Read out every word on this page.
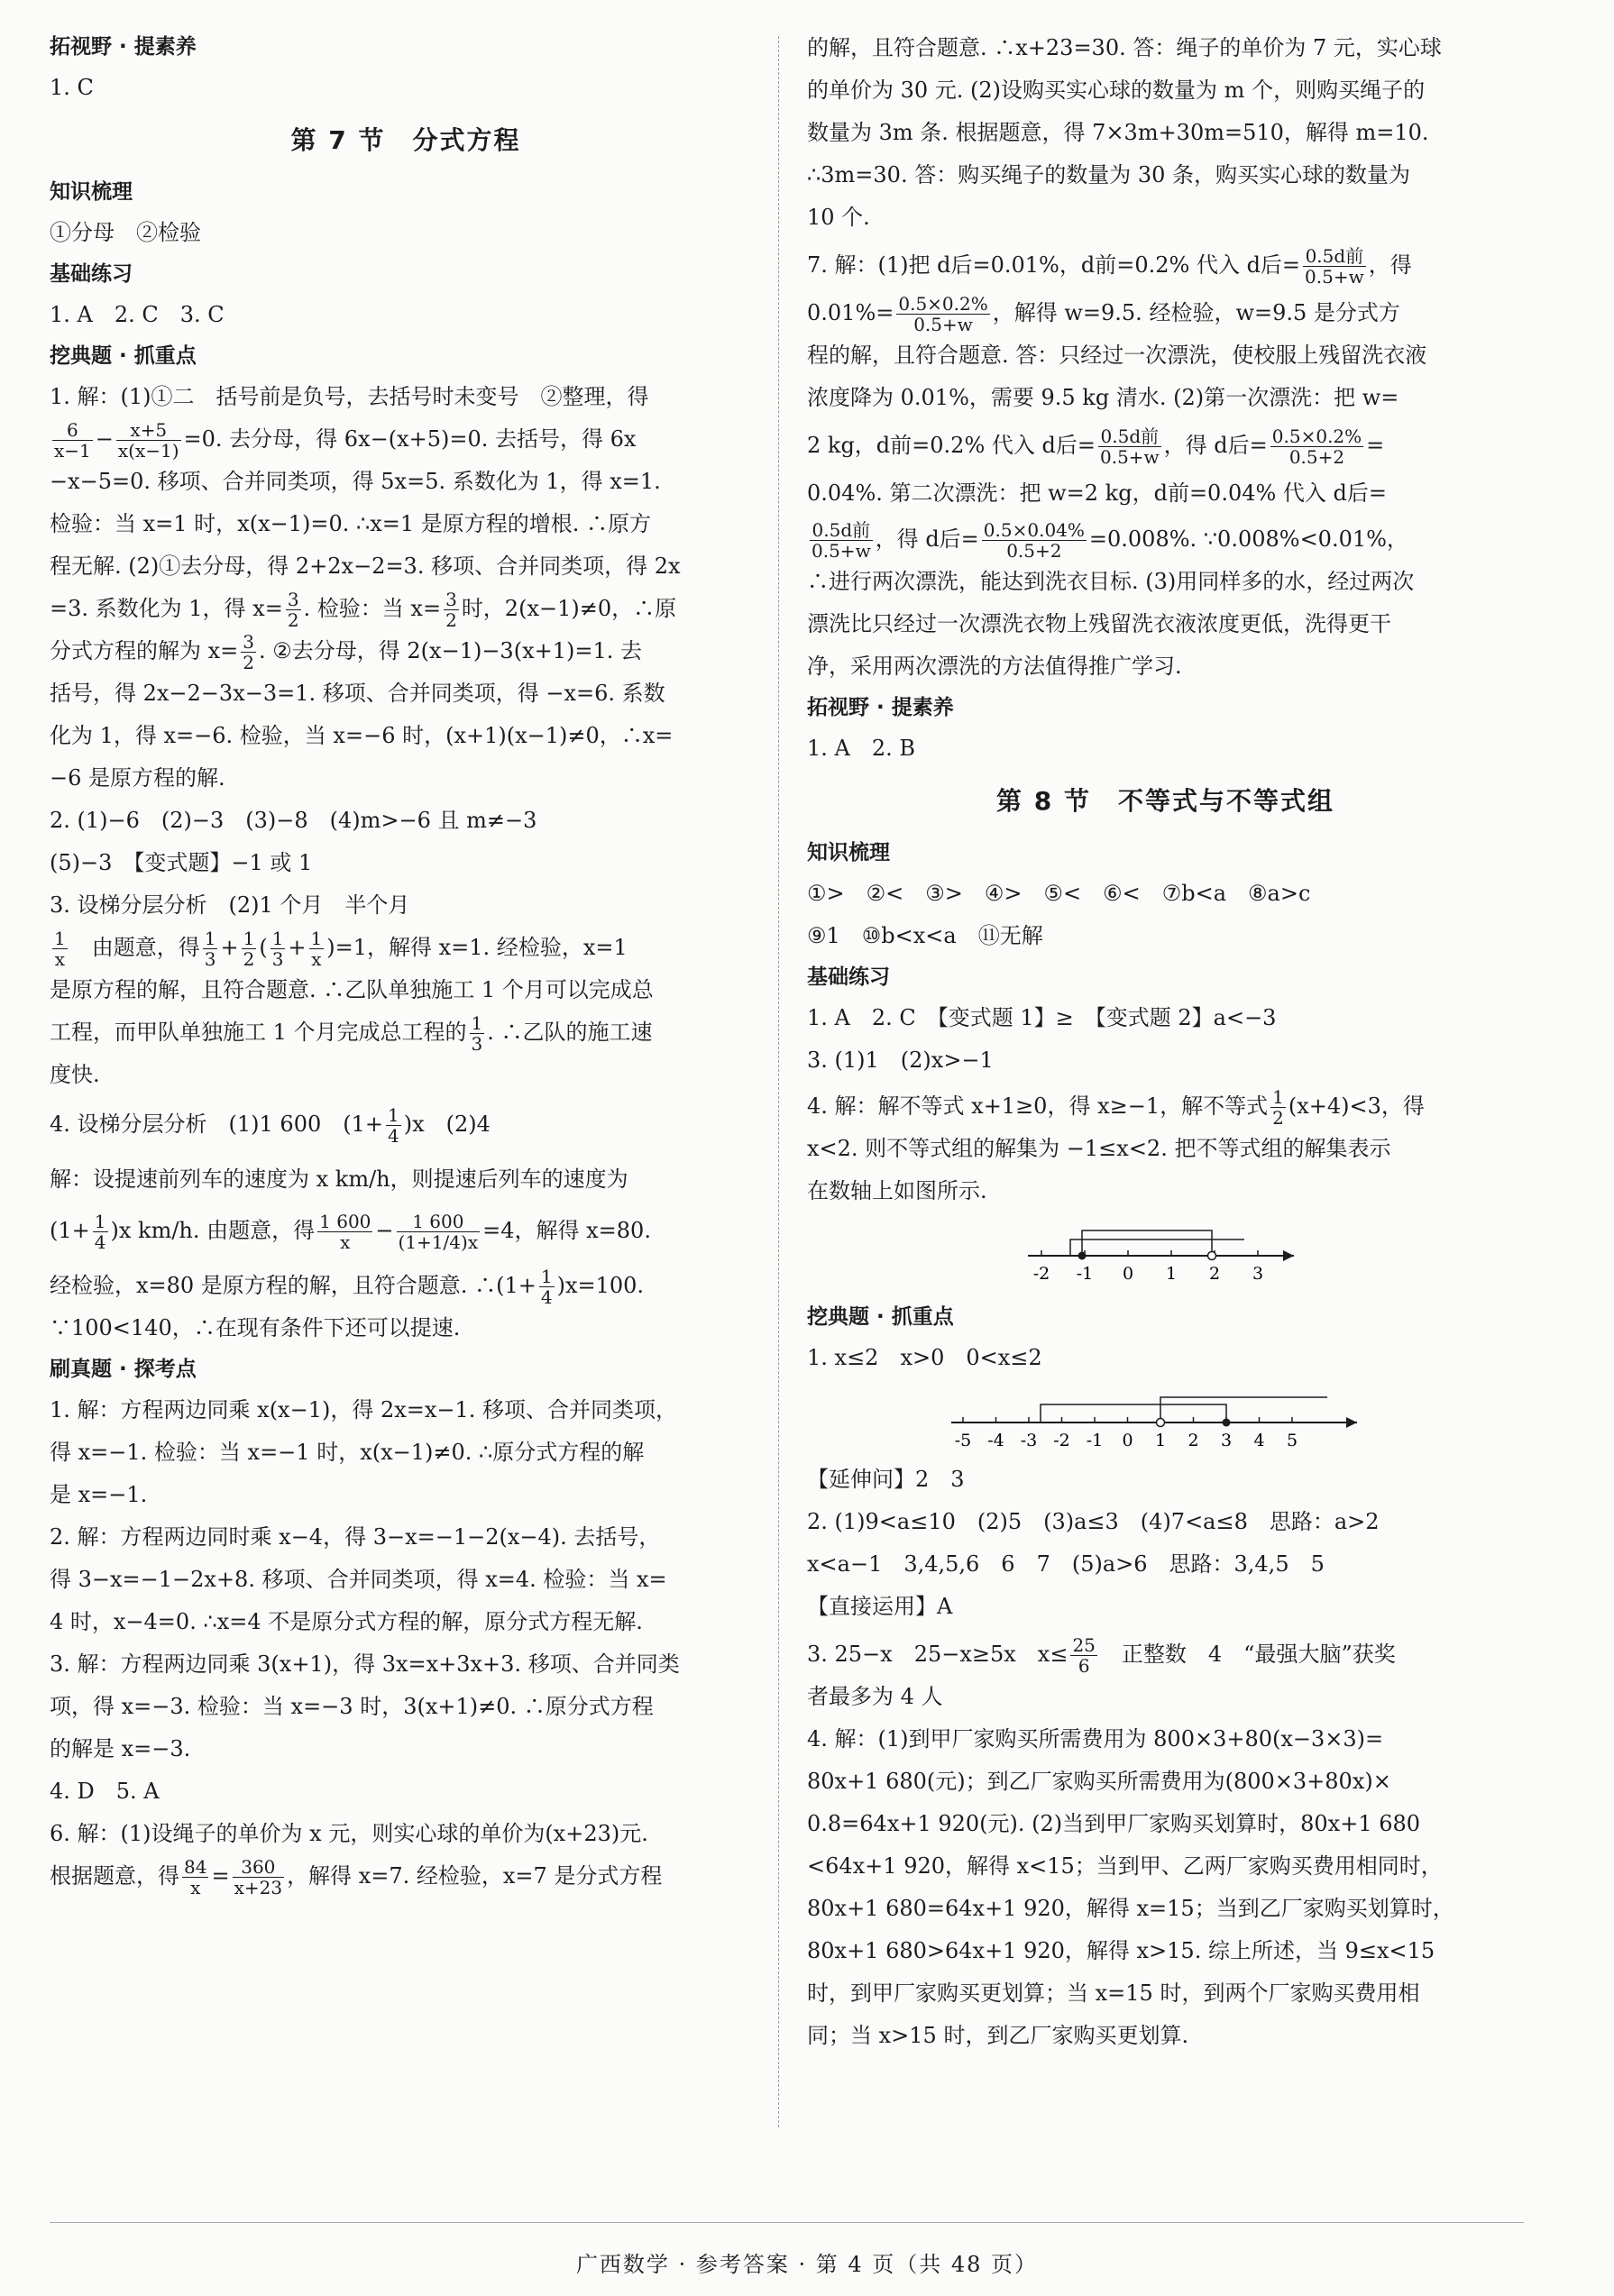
拓视野 · 提素养

1. C

第 7 节　分式方程

知识梳理

①分母　②检验

基础练习

1. A　2. C　3. C

挖典题 · 抓重点

1. 解：(1)①二　括号前是负号，去括号时未变号　②整理，得

$\frac{6}{x-1} - \frac{x+5}{x(x-1)} =0$. 去分母，得 6x−(x+5)=0. 去括号，得 6x

−x−5=0. 移项、合并同类项，得 5x=5. 系数化为 1，得 x=1.

检验：当 x=1 时，x(x−1)=0. ∴x=1 是原方程的增根. ∴原方

程无解. (2)①去分母，得 2+2x−2=3. 移项、合并同类项，得 2x

=3. 系数化为 1，得 $x= \frac{3}{2}$ . 检验：当 $x= \frac{3}{2}$ 时，2(x−1)≠0，∴原

分式方程的解为 $x= \frac{3}{2}$ . ②去分母，得 2(x−1)−3(x+1)=1. 去

括号，得 2x−2−3x−3=1. 移项、合并同类项，得 −x=6. 系数

化为 1，得 x=−6. 检验，当 x=−6 时，(x+1)(x−1)≠0，∴x=

−6 是原方程的解.

2. (1)−6　(2)−3　(3)−8　(4)m>−6 且 m≠−3

(5)−3　【变式题】−1 或 1

3. 设梯分层分析　(2)1 个月　半个月

$\frac{1}{x}$
　 由题意，得 $\frac{1}{3} + \frac{1}{2}$ ( $\frac{1}{3} + \frac{1}{x} )=1$，解得 x=1. 经检验，x=1

是原方程的解，且符合题意. ∴乙队单独施工 1 个月可以完成总

工程，而甲队单独施工 1 个月完成总工程的 $\frac{1}{3}$ . ∴乙队的施工速

度快.

4. 设梯分层分析　(1)1 600　$(1+ \frac{1}{4} )x$　 (2)4

解：设提速前列车的速度为 x km/h，则提速后列车的速度为

$(1+ \frac{1}{4} )x$ km/h. 由题意，得 $\frac{1 600}{x} - \frac{1 600}{(1+1/4)x} =4$，解得 x=80.

经检验，x=80 是原方程的解，且符合题意. ∴(1+ $\frac{1}{4} )x=100$.

∵100<140，∴在现有条件下还可以提速.

刷真题 · 探考点

1. 解：方程两边同乘 x(x−1)，得 2x=x−1. 移项、合并同类项，

得 x=−1. 检验：当 x=−1 时，x(x−1)≠0. ∴原分式方程的解

是 x=−1.

2. 解：方程两边同时乘 x−4，得 3−x=−1−2(x−4). 去括号，

得 3−x=−1−2x+8. 移项、合并同类项，得 x=4. 检验：当 x=

4 时，x−4=0. ∴x=4 不是原分式方程的解，原分式方程无解.

3. 解：方程两边同乘 3(x+1)，得 3x=x+3x+3. 移项、合并同类

项，得 x=−3. 检验：当 x=−3 时，3(x+1)≠0. ∴原分式方程

的解是 x=−3.

4. D　5. A

6. 解：(1)设绳子的单价为 x 元，则实心球的单价为(x+23)元.

根据题意，得 $\frac{84}{x} = \frac{360}{x+23}$ ，解得 x=7. 经检验，x=7 是分式方程

的解，且符合题意. ∴x+23=30. 答：绳子的单价为 7 元，实心球

的单价为 30 元. (2)设购买实心球的数量为 m 个，则购买绳子的

数量为 3m 条. 根据题意，得 7×3m+30m=510，解得 m=10.

∴3m=30. 答：购买绳子的数量为 30 条，购买实心球的数量为

10 个.

7. 解：(1)把 d后=0.01%，d前=0.2% 代入 d后= $\frac{\text{0.5d前}}{0.5+w}$ ，得

$0.01\%= \frac{0.5\times 0.2\%}{0.5+w}$ ，解得 w=9.5. 经检验，w=9.5 是分式方

程的解，且符合题意. 答：只经过一次漂洗，使校服上残留洗衣液

浓度降为 0.01%，需要 9.5 kg 清水. (2)第一次漂洗：把 w=

2 kg，d前=0.2% 代入 d后= $\frac{\text{0.5d前}}{0.5+w}$ ，得 d后= $\frac{0.5\times 0.2\%}{0.5+2}$ =

0.04%. 第二次漂洗：把 w=2 kg，d前=0.04% 代入 d后=

$\frac{\text{0.5d前}}{0.5+w}$ ，得 d后= $\frac{0.5\times 0.04\%}{0.5+2} =0.008\%$. ∵0.008%<0.01%，

∴进行两次漂洗，能达到洗衣目标. (3)用同样多的水，经过两次

漂洗比只经过一次漂洗衣物上残留洗衣液浓度更低，洗得更干

净，采用两次漂洗的方法值得推广学习.

拓视野 · 提素养

1. A　2. B

第 8 节　不等式与不等式组

知识梳理

①>　②<　③>　④>　⑤<　⑥<　⑦b<a　⑧a>c

⑨1　⑩b<x<a　⑪无解

基础练习

1. A　2. C　【变式题 1】≥　【变式题 2】a<−3

3. (1)1　(2)x>−1

4. 解：解不等式 x+1≥0，得 x≥−1，解不等式 $\frac{1}{2} (x+4)<3$，得

x<2. 则不等式组的解集为 −1≤x<2. 把不等式组的解集表示

在数轴上如图所示.

-2 -1 0 1 2 3

挖典题 · 抓重点

1. x≤2　x>0　0<x≤2

-5 -4 -3 -2 -1 0 1 2 3 4 5

【延伸问】2　3

2. (1)9<a≤10　(2)5　(3)a≤3　(4)7<a≤8　思路：a>2

x<a−1　3,4,5,6　6　7　(5)a>6　思路：3,4,5　5

【直接运用】A

3. 25−x　25−x≥5x　$x\le \frac{25}{6}$
　 正整数　4　“最强大脑”获奖

者最多为 4 人

4. 解：(1)到甲厂家购买所需费用为 800×3+80(x−3×3)=

80x+1 680(元)；到乙厂家购买所需费用为(800×3+80x)×

0.8=64x+1 920(元). (2)当到甲厂家购买划算时，80x+1 680

<64x+1 920，解得 x<15；当到甲、乙两厂家购买费用相同时，

80x+1 680=64x+1 920，解得 x=15；当到乙厂家购买划算时，

80x+1 680>64x+1 920，解得 x>15. 综上所述，当 9≤x<15

时，到甲厂家购买更划算；当 x=15 时，到两个厂家购买费用相

同；当 x>15 时，到乙厂家购买更划算.

广西数学 · 参考答案 · 第 4 页（共 48 页）
